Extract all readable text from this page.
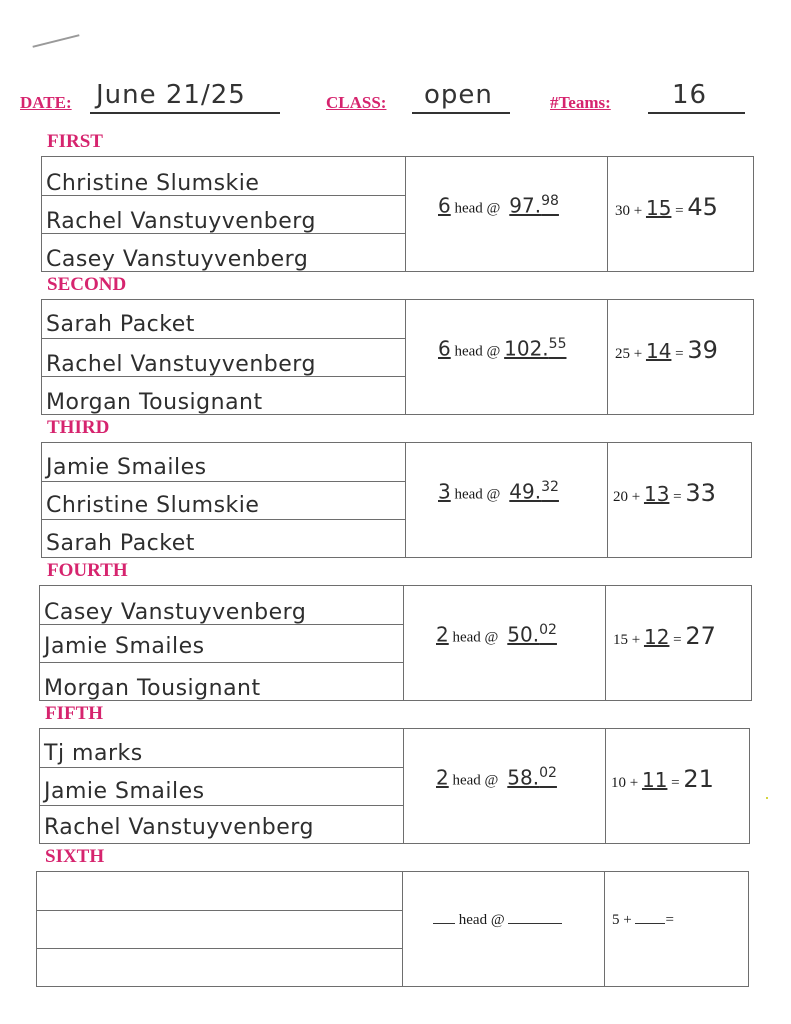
DATE: June 21/25	CLASS: open	#Teams: 16
FIRST
Christine Slumskie
Rachel Vanstuyvenberg
Casey Vanstuyvenberg
6 head @ 97.98
30 + 15 = 45
SECOND
Sarah Packet
Rachel Vanstuyvenberg
Morgan Tousignant
6 head @ 102.55
25 + 14 = 39
THIRD
Jamie Smailes
Christine Slumskie
Sarah Packet
3 head @ 49.32
20 + 13 = 33
FOURTH
Casey Vanstuyvenberg
Jamie Smailes
Morgan Tousignant
2 head @ 50.02
15 + 12 = 27
FIFTH
Tj marks
Jamie Smailes
Rachel Vanstuyvenberg
2 head @ 58.02
10 + 11 = 21
SIXTH
head @	5 + =
